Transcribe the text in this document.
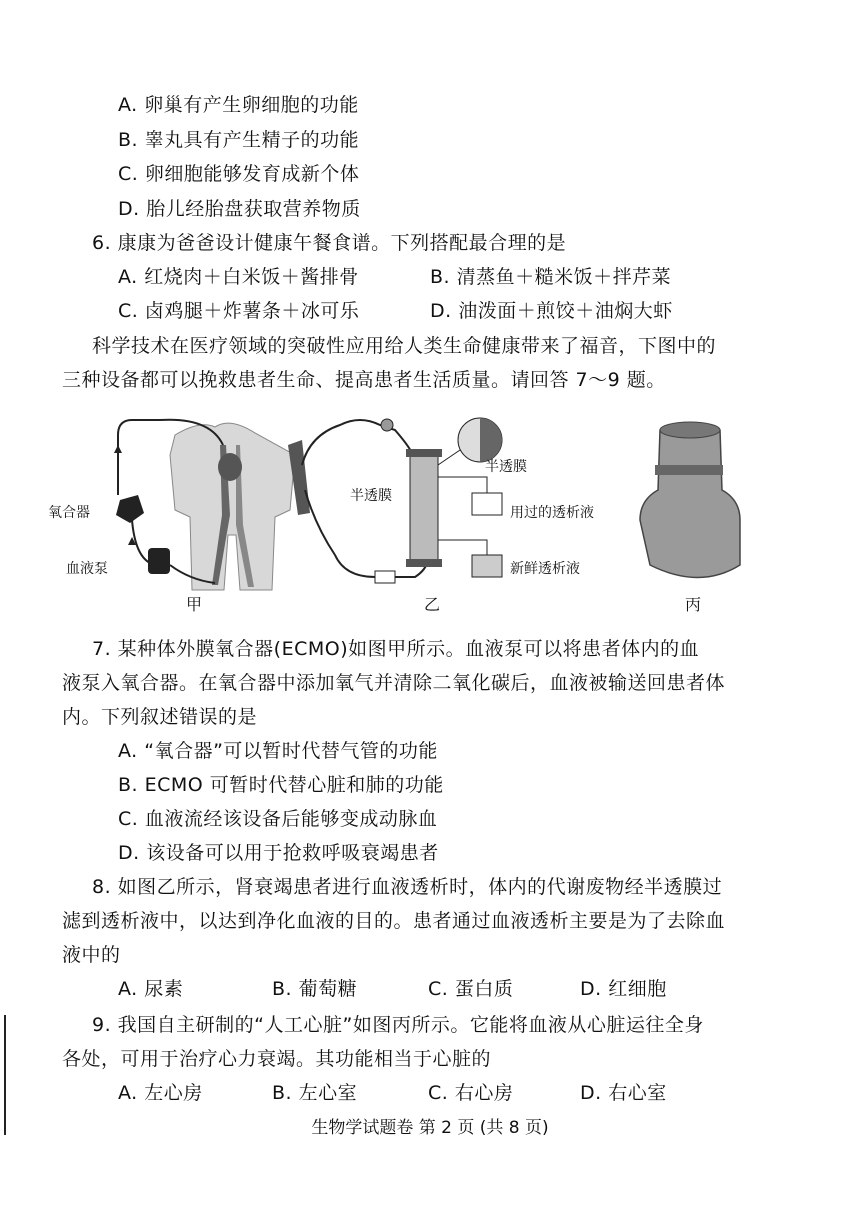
A. 卵巢有产生卵细胞的功能
B. 睾丸具有产生精子的功能
C. 卵细胞能够发育成新个体
D. 胎儿经胎盘获取营养物质
6. 康康为爸爸设计健康午餐食谱。下列搭配最合理的是
A. 红烧肉＋白米饭＋酱排骨	B. 清蒸鱼＋糙米饭＋拌芹菜
C. 卤鸡腿＋炸薯条＋冰可乐	D. 油泼面＋煎饺＋油焖大虾
科学技术在医疗领域的突破性应用给人类生命健康带来了福音，下图中的
三种设备都可以挽救患者生命、提高患者生活质量。请回答 7～9 题。
氧合器
血液泵
甲
半透膜
半透膜
用过的透析液
新鲜透析液
乙	丙
7. 某种体外膜氧合器(ECMO)如图甲所示。血液泵可以将患者体内的血
液泵入氧合器。在氧合器中添加氧气并清除二氧化碳后，血液被输送回患者体
内。下列叙述错误的是
A. “氧合器”可以暂时代替气管的功能
B. ECMO 可暂时代替心脏和肺的功能
C. 血液流经该设备后能够变成动脉血
D. 该设备可以用于抢救呼吸衰竭患者
8. 如图乙所示，肾衰竭患者进行血液透析时，体内的代谢废物经半透膜过
滤到透析液中，以达到净化血液的目的。患者通过血液透析主要是为了去除血
液中的
A. 尿素	B. 葡萄糖	C. 蛋白质	D. 红细胞
9. 我国自主研制的“人工心脏”如图丙所示。它能将血液从心脏运往全身
各处，可用于治疗心力衰竭。其功能相当于心脏的
A. 左心房	B. 左心室	C. 右心房	D. 右心室
生物学试题卷 第 2 页 (共 8 页)
